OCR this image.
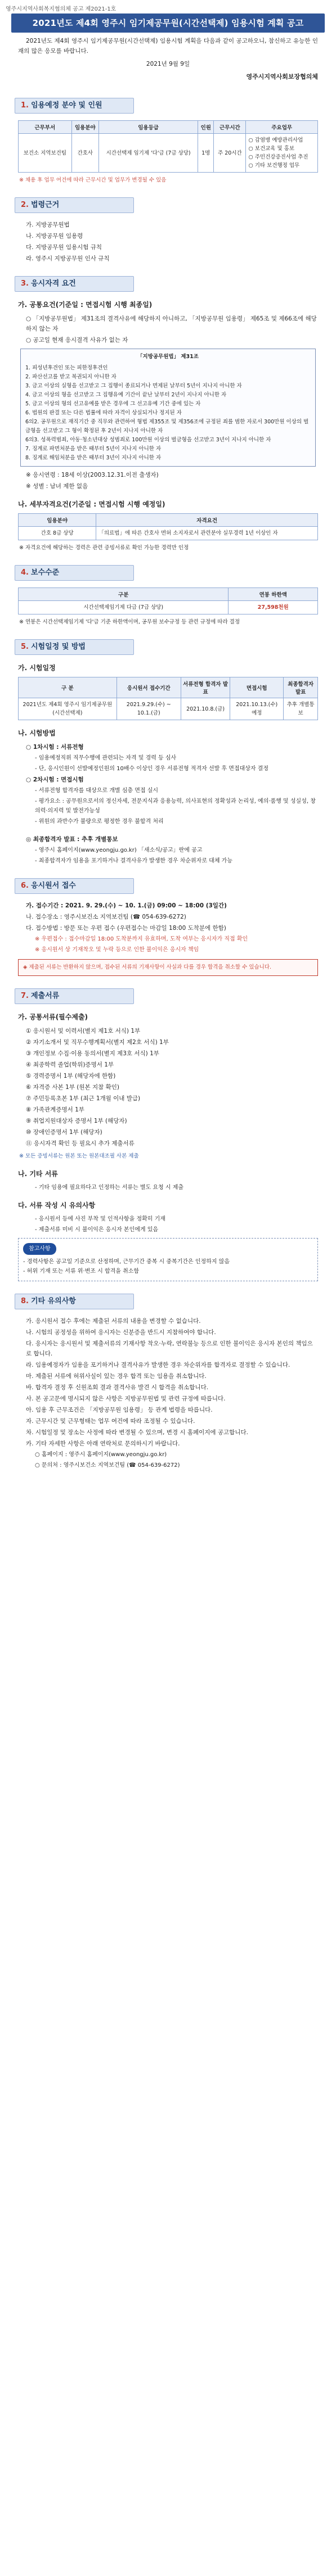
영주시지역사회복지협의체 공고 제2021-1호
2021년도 제4회 영주시 임기제공무원(시간선택제) 임용시험 계획 공고

2021년도 제4회 영주시 임기제공무원(시간선택제) 임용시험 계획을 다음과 같이 공고하오니, 참신하고 유능한 인재의 많은 응모를 바랍니다.

2021년 9월 9일
영주시지역사회보장협의체
1. 임용예정 분야 및 인원
근무부서	임용분야	임용등급	인원	근무시간	주요업무
보건소 지역보건팀	간호사	시간선택제 임기제 '다'급 (7급 상당)	1명	주 20시간	○ 감염병 예방관리사업
○ 보건교육 및 홍보
○ 주민건강증진사업 추진
○ 기타 보건행정 업무
※ 채용 후 업무 여건에 따라 근무시간 및 업무가 변경될 수 있음
2. 법령근거
가. 지방공무원법
나. 지방공무원 임용령
다. 지방공무원 임용시험 규칙
라. 영주시 지방공무원 인사 규칙
3. 응시자격 요건
가. 공통요건(기준일 : 면접시험 시행 최종일)
○ 「지방공무원법」 제31조의 결격사유에 해당하지 아니하고, 「지방공무원 임용령」 제65조 및 제66조에 해당하지 않는 자
○ 공고일 현재 응시결격 사유가 없는 자
「지방공무원법」 제31조
1. 피성년후견인 또는 피한정후견인
2. 파산선고를 받고 복권되지 아니한 자
3. 금고 이상의 실형을 선고받고 그 집행이 종료되거나 면제된 날부터 5년이 지나지 아니한 자
4. 금고 이상의 형을 선고받고 그 집행유예 기간이 끝난 날부터 2년이 지나지 아니한 자
5. 금고 이상의 형의 선고유예를 받은 경우에 그 선고유예 기간 중에 있는 자
6. 법원의 판결 또는 다른 법률에 따라 자격이 상실되거나 정지된 자
6의2. 공무원으로 재직기간 중 직무와 관련하여 형법 제355조 및 제356조에 규정된 죄를 범한 자로서 300만원 이상의 벌금형을 선고받고 그 형이 확정된 후 2년이 지나지 아니한 자
6의3. 성폭력범죄, 아동·청소년대상 성범죄로 100만원 이상의 벌금형을 선고받고 3년이 지나지 아니한 자
7. 징계로 파면처분을 받은 때부터 5년이 지나지 아니한 자
8. 징계로 해임처분을 받은 때부터 3년이 지나지 아니한 자
※ 응시연령 : 18세 이상(2003.12.31.이전 출생자)
※ 성별 : 남녀 제한 없음
나. 세부자격요건(기준일 : 면접시험 시행 예정일)
임용분야	자격요건
간호 8급 상당	「의료법」에 따른 간호사 면허 소지자로서 관련분야 실무경력 1년 이상인 자
※ 자격요건에 해당하는 경력은 관련 증빙서류로 확인 가능한 경력만 인정
4. 보수수준
구분	연봉 하한액
시간선택제임기제 다급 (7급 상당)	27,598천원
※ 연봉은 시간선택제임기제 '다'급 기준 하한액이며, 공무원 보수규정 등 관련 규정에 따라 결정
5. 시험일정 및 방법
가. 시험일정
구 분	응시원서 접수기간	서류전형 합격자 발표	면접시험	최종합격자 발표
2021년도 제4회 영주시 임기제공무원(시간선택제)	2021.9.29.(수) ~ 10.1.(금)	2021.10.8.(금)	2021.10.13.(수) 예정	추후 개별통보
나. 시험방법
○ 1차시험 : 서류전형
- 임용예정직위 직무수행에 관련되는 자격 및 경력 등 심사
- 단, 응시인원이 선발예정인원의 10배수 이상인 경우 서류전형 적격자 선발 후 면접대상자 결정
○ 2차시험 : 면접시험
- 서류전형 합격자를 대상으로 개별 심층 면접 실시
- 평가요소 : 공무원으로서의 정신자세, 전문지식과 응용능력, 의사표현의 정확성과 논리성, 예의·품행 및 성실성, 창의력·의지력 및 발전가능성
- 위원의 과반수가 불량으로 평정한 경우 불합격 처리
◎ 최종합격자 발표 : 추후 개별통보
- 영주시 홈페이지(www.yeongju.go.kr) 「새소식/공고」란에 공고
- 최종합격자가 임용을 포기하거나 결격사유가 발생한 경우 차순위자로 대체 가능
6. 응시원서 접수
가. 접수기간 : 2021. 9. 29.(수) ~ 10. 1.(금) 09:00 ~ 18:00 (3일간)
나. 접수장소 : 영주시보건소 지역보건팀 (☎ 054-639-6272)
다. 접수방법 : 방문 또는 우편 접수 (우편접수는 마감일 18:00 도착분에 한함)
※ 우편접수 : 접수마감일 18:00 도착분까지 유효하며, 도착 여부는 응시자가 직접 확인
※ 응시원서 상 기재착오 및 누락 등으로 인한 불이익은 응시자 책임
◈ 제출된 서류는 반환하지 않으며, 접수된 서류의 기재사항이 사실과 다를 경우 합격을 취소할 수 있습니다.
7. 제출서류
가. 공통서류(필수제출)
① 응시원서 및 이력서(별지 제1호 서식) 1부
② 자기소개서 및 직무수행계획서(별지 제2호 서식) 1부
③ 개인정보 수집·이용 동의서(별지 제3호 서식) 1부
④ 최종학력 졸업(학위)증명서 1부
⑤ 경력증명서 1부 (해당자에 한함)
⑥ 자격증 사본 1부 (원본 지참 확인)
⑦ 주민등록초본 1부 (최근 1개월 이내 발급)
⑧ 가족관계증명서 1부
⑨ 취업지원대상자 증명서 1부 (해당자)
⑩ 장애인증명서 1부 (해당자)
⑪ 응시자격 확인 등 필요시 추가 제출서류
※ 모든 증빙서류는 원본 또는 원본대조필 사본 제출
나. 기타 서류
- 기타 임용에 필요하다고 인정하는 서류는 별도 요청 시 제출
다. 서류 작성 시 유의사항
- 응시원서 등에 사진 부착 및 인적사항을 정확히 기재
- 제출서류 미비 시 불이익은 응시자 본인에게 있음
참고사항
- 경력사항은 공고일 기준으로 산정하며, 근무기간 중복 시 중복기간은 인정하지 않음
- 허위 기재 또는 서류 위·변조 시 합격을 취소함
8. 기타 유의사항
가. 응시원서 접수 후에는 제출된 서류의 내용을 변경할 수 없습니다.
나. 시험의 공정성을 위하여 응시자는 신분증을 반드시 지참하여야 합니다.
다. 응시자는 응시원서 및 제출서류의 기재사항 착오·누락, 연락불능 등으로 인한 불이익은 응시자 본인의 책임으로 합니다.
라. 임용예정자가 임용을 포기하거나 결격사유가 발생한 경우 차순위자를 합격자로 결정할 수 있습니다.
마. 제출된 서류에 허위사실이 있는 경우 합격 또는 임용을 취소합니다.
바. 합격자 결정 후 신원조회 결과 결격사유 발견 시 합격을 취소합니다.
사. 본 공고문에 명시되지 않은 사항은 지방공무원법 및 관련 규정에 따릅니다.
아. 임용 후 근무조건은 「지방공무원 임용령」 등 관계 법령을 따릅니다.
자. 근무시간 및 근무형태는 업무 여건에 따라 조정될 수 있습니다.
차. 시험일정 및 장소는 사정에 따라 변경될 수 있으며, 변경 시 홈페이지에 공고합니다.
카. 기타 자세한 사항은 아래 연락처로 문의하시기 바랍니다.
○ 홈페이지 : 영주시 홈페이지(www.yeongju.go.kr)
○ 문의처 : 영주시보건소 지역보건팀 (☎ 054-639-6272)
